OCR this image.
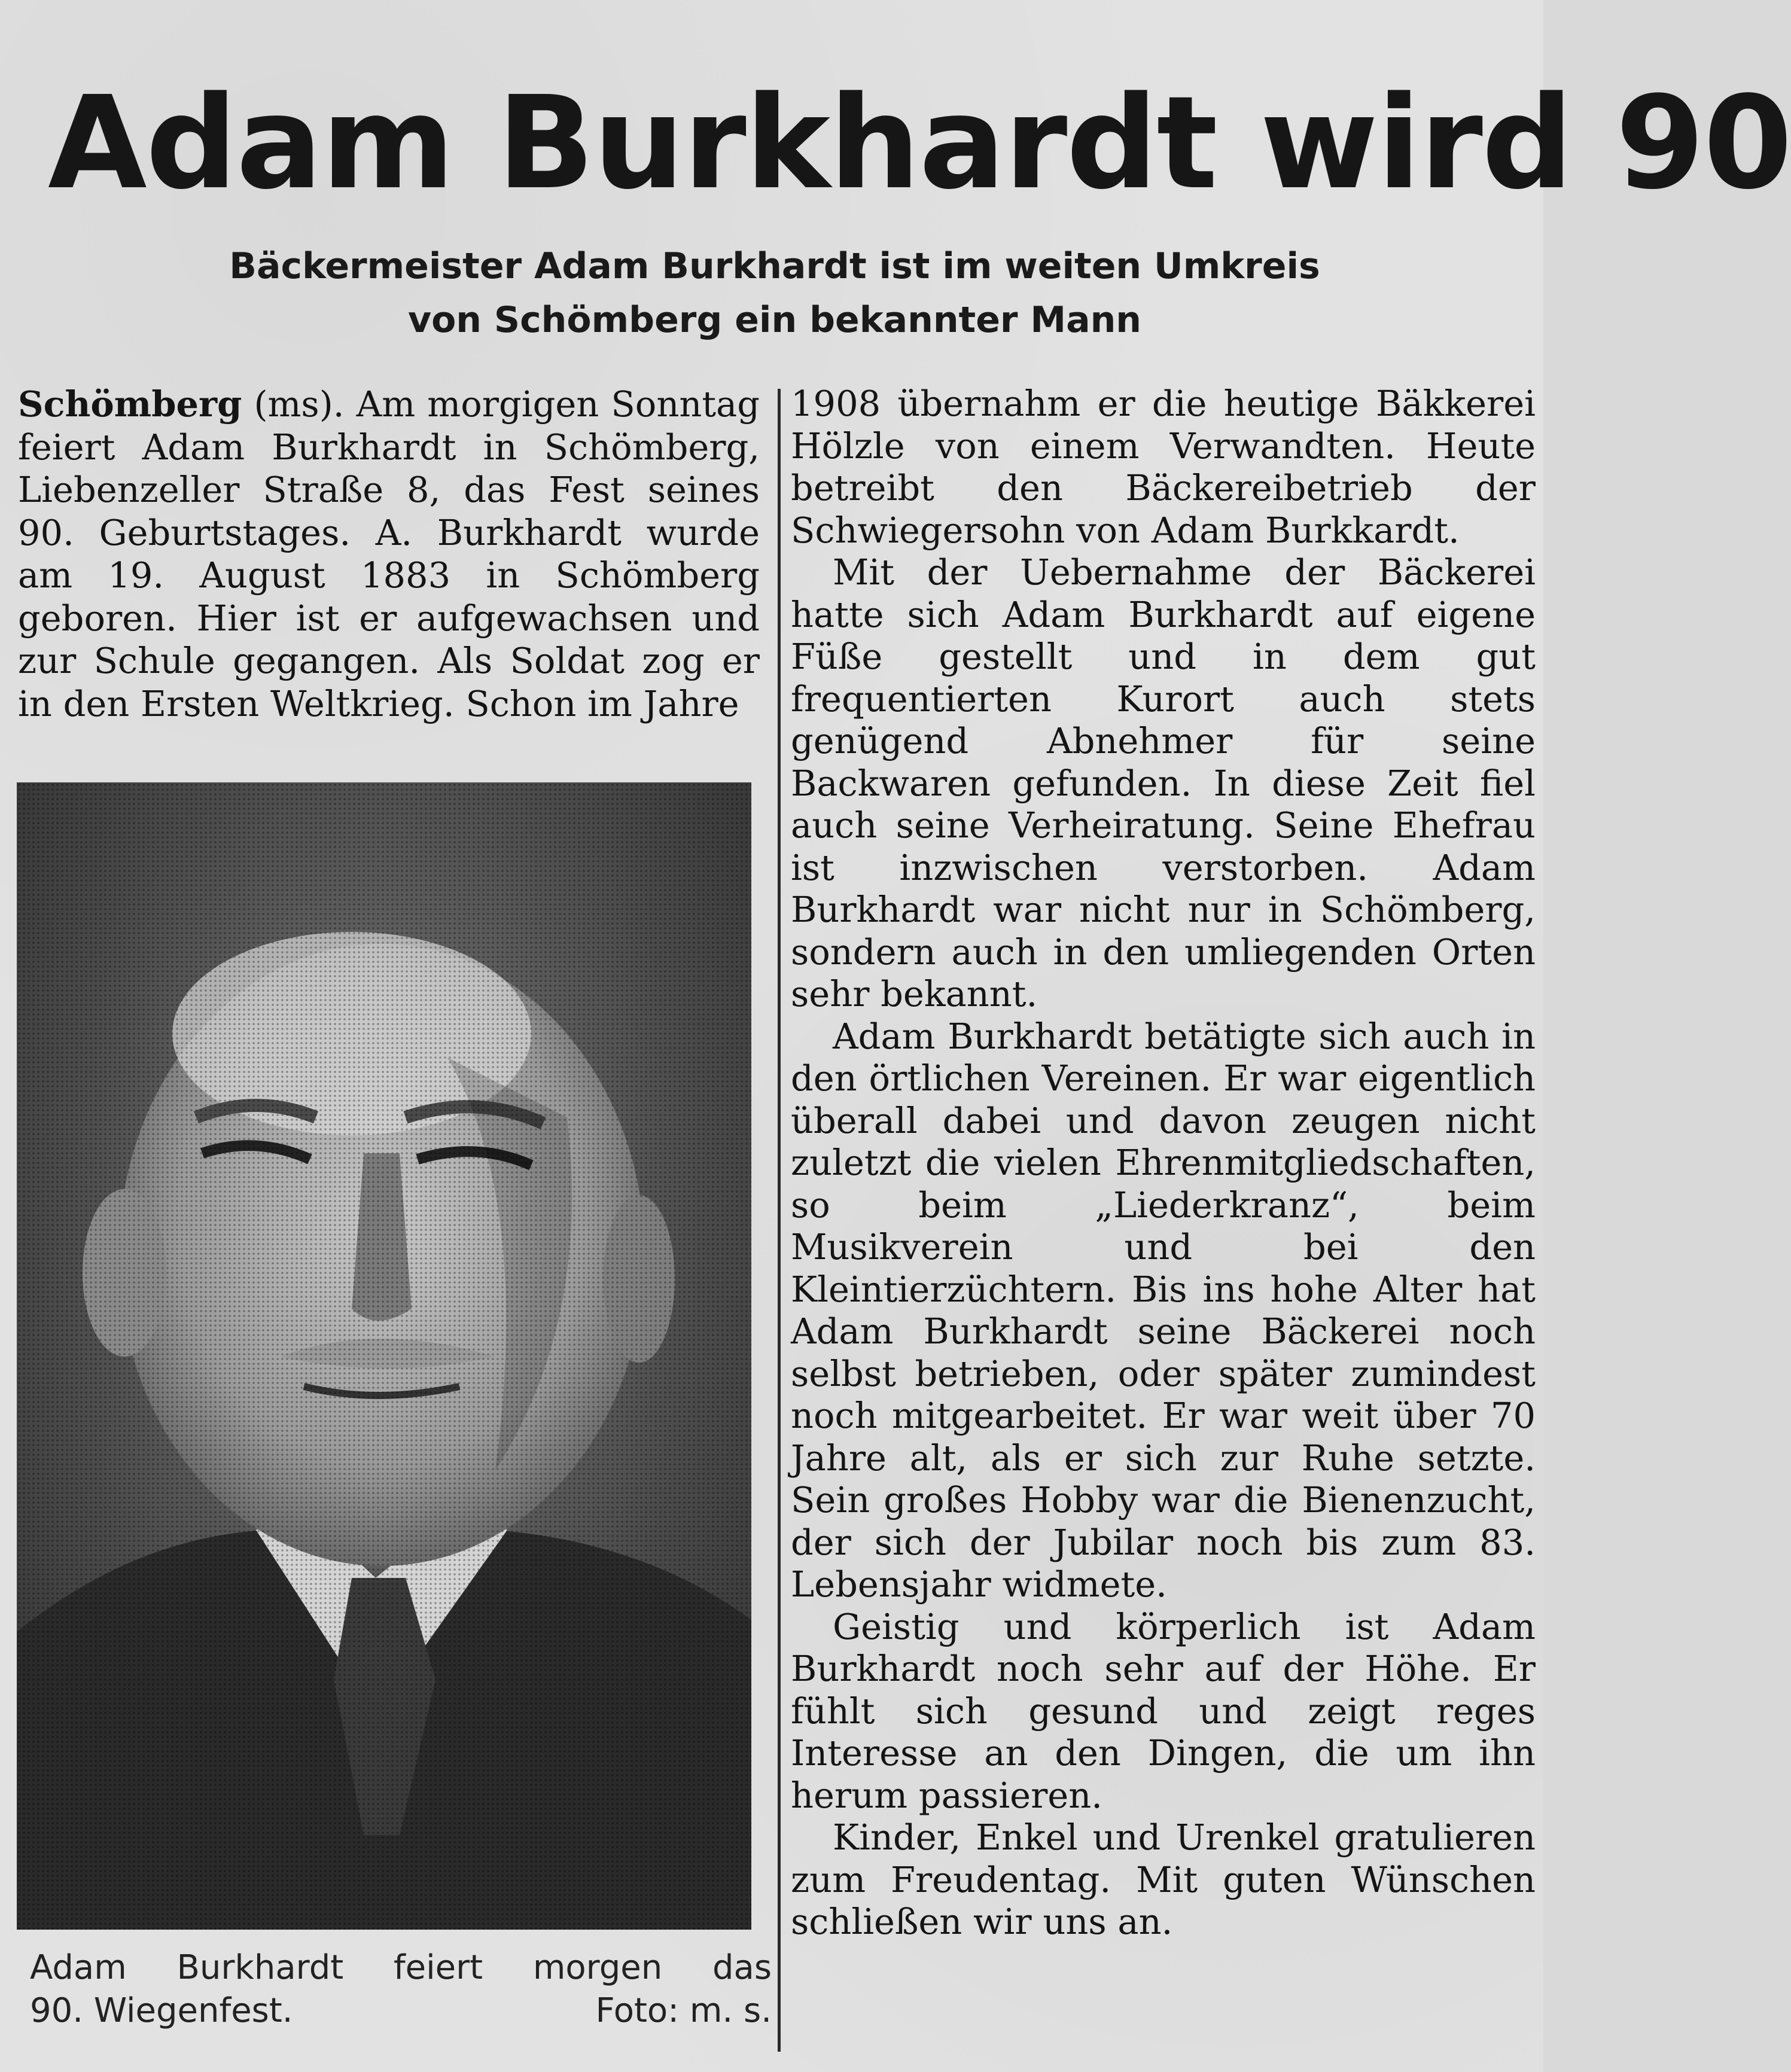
Adam Burkhardt wird 90
Bäckermeister Adam Burkhardt ist im weiten Umkreis
von Schömberg ein bekannter Mann

Schömberg (ms). Am morgigen Sonntag feiert Adam Burkhardt in Schömberg, Liebenzeller Straße 8, das Fest seines 90. Geburtstages. A. Burkhardt wurde am 19. August 1883 in Schömberg geboren. Hier ist er aufgewachsen und zur Schule gegangen. Als Soldat zog er in den Ersten Weltkrieg. Schon im Jahre

Adam Burkhardt feiert morgen das
90. Wiegenfest.	Foto: m. s.

1908 übernahm er die heutige Bäkkerei Hölzle von einem Verwandten. Heute betreibt den Bäckereibetrieb der Schwiegersohn von Adam Burkkardt.

Mit der Uebernahme der Bäckerei hatte sich Adam Burkhardt auf eigene Füße gestellt und in dem gut frequentierten Kurort auch stets genügend Abnehmer für seine Backwaren gefunden. In diese Zeit fiel auch seine Verheiratung. Seine Ehefrau ist inzwischen verstorben. Adam Burkhardt war nicht nur in Schömberg, sondern auch in den umliegenden Orten sehr bekannt.

Adam Burkhardt betätigte sich auch in den örtlichen Vereinen. Er war eigentlich überall dabei und davon zeugen nicht zuletzt die vielen Ehrenmitgliedschaften, so beim „Liederkranz“, beim Musikverein und bei den Kleintierzüchtern. Bis ins hohe Alter hat Adam Burkhardt seine Bäckerei noch selbst betrieben, oder später zumindest noch mitgearbeitet. Er war weit über 70 Jahre alt, als er sich zur Ruhe setzte. Sein großes Hobby war die Bienenzucht, der sich der Jubilar noch bis zum 83. Lebensjahr widmete.

Geistig und körperlich ist Adam Burkhardt noch sehr auf der Höhe. Er fühlt sich gesund und zeigt reges Interesse an den Dingen, die um ihn herum passieren.

Kinder, Enkel und Urenkel gratulieren zum Freudentag. Mit guten Wünschen schließen wir uns an.
